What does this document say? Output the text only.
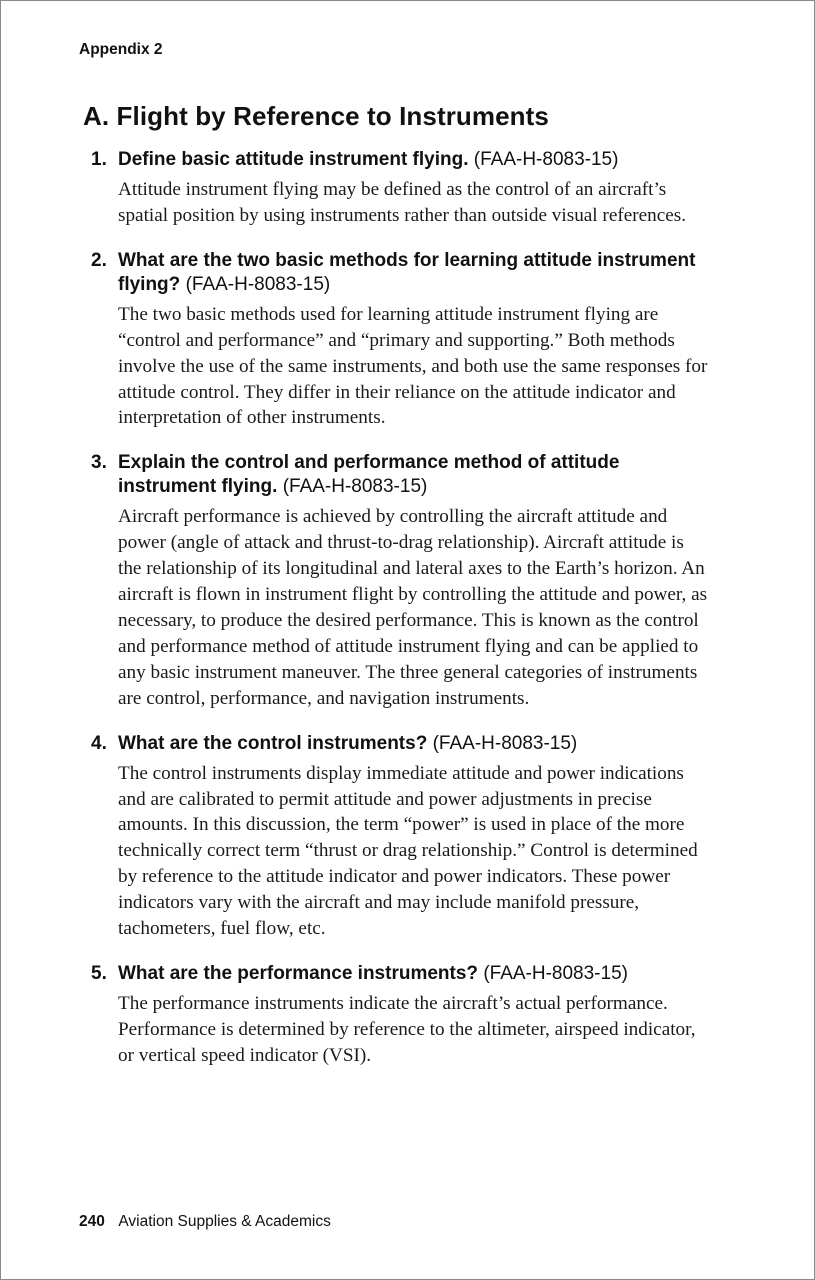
Appendix 2
A. Flight by Reference to Instruments
1. Define basic attitude instrument flying. (FAA-H-8083-15)
Attitude instrument flying may be defined as the control of an aircraft’s spatial position by using instruments rather than outside visual references.
2. What are the two basic methods for learning attitude instrument flying? (FAA-H-8083-15)
The two basic methods used for learning attitude instrument flying are “control and performance” and “primary and supporting.” Both methods involve the use of the same instruments, and both use the same responses for attitude control. They differ in their reliance on the attitude indicator and interpretation of other instruments.
3. Explain the control and performance method of attitude instrument flying. (FAA-H-8083-15)
Aircraft performance is achieved by controlling the aircraft attitude and power (angle of attack and thrust-to-drag relationship). Aircraft attitude is the relationship of its longitudinal and lateral axes to the Earth’s horizon. An aircraft is flown in instrument flight by controlling the attitude and power, as necessary, to produce the desired performance. This is known as the control and performance method of attitude instrument flying and can be applied to any basic instrument maneuver. The three general categories of instruments are control, performance, and navigation instruments.
4. What are the control instruments? (FAA-H-8083-15)
The control instruments display immediate attitude and power indications and are calibrated to permit attitude and power adjustments in precise amounts. In this discussion, the term “power” is used in place of the more technically correct term “thrust or drag relationship.” Control is determined by reference to the attitude indicator and power indicators. These power indicators vary with the aircraft and may include manifold pressure, tachometers, fuel flow, etc.
5. What are the performance instruments? (FAA-H-8083-15)
The performance instruments indicate the aircraft’s actual performance. Performance is determined by reference to the altimeter, airspeed indicator, or vertical speed indicator (VSI).
240 Aviation Supplies & Academics
